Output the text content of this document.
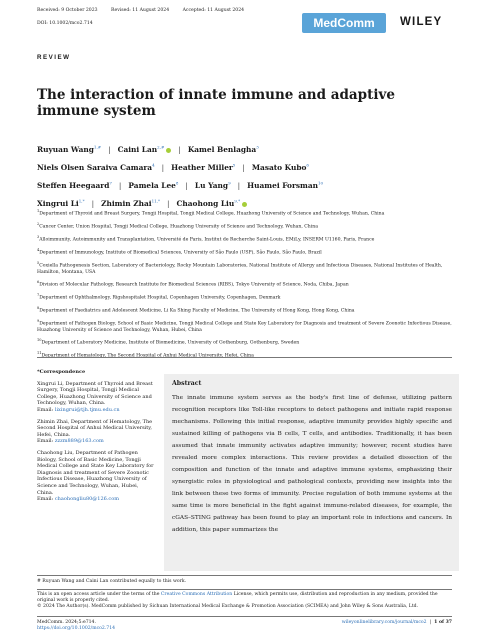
Received: 9 October 2023	Revised: 11 August 2024	Accepted: 11 August 2024
DOI: 10.1002/mco2.714	MedComm	WILEY
REVIEW
The interaction of innate immune and adaptive immune system
Ruyuan Wang$^{1,\#}$ | Caini Lan$^{2,\#}$ | Kamel Benlagha$^3$
Niels Olsen Saraiva Camara$^4$ | Heather Miller$^5$ | Masato Kubo$^6$
Steffen Heegaard$^7$ | Pamela Lee$^8$ | Lu Yang$^9$ | Huamei Forsman$^{10}$
Xingrui $Li^{1,*}$ | Zhimin Zhai$^{11,*}$ | Chaohong Liu$^{9,*}$
$^1$Department of Thyroid and Breast Surgery, Tongji Hospital, Tongji Medical College, Huazhong University of Science and Technology, Wuhan, China
$^2$Cancer Center, Union Hospital, Tongji Medical College, Huazhong University of Science and Technology, Wuhan, China
$^3$Alloimmunity, Autoimmunity and Transplantation, Université de Paris, Institut de Recherche Saint-Louis, EMiLy, INSERM U1160, Paris, France
$^4$Department of Immunology, Institute of Biomedical Sciences, University of São Paulo (USP), São Paulo, São Paulo, Brazil
$^5$Coxiella Pathogenesis Section, Laboratory of Bacteriology, Rocky Mountain Laboratories, National Institute of Allergy and Infectious Diseases, National Institutes of Health, Hamilton, Montana, USA
$^6$Division of Molecular Pathology, Research Institute for Biomedical Sciences (RIBS), Tokyo University of Science, Noda, Chiba, Japan
$^7$Department of Ophthalmology, Rigshospitalet Hospital, Copenhagen University, Copenhagen, Denmark
$^8$Department of Paediatrics and Adolescent Medicine, Li Ka Shing Faculty of Medicine, The University of Hong Kong, Hong Kong, China
$^9$Department of Pathogen Biology, School of Basic Medicine, Tongji Medical College and State Key Laboratory for Diagnosis and treatment of Severe Zoonotic Infectious Disease, Huazhong University of Science and Technology, Wuhan, Hubei, China
$^{10}$Department of Laboratory Medicine, Institute of Biomedicine, University of Gothenburg, Gothenburg, Sweden
$^{11}$Department of Hematology, The Second Hospital of Anhui Medical University, Hefei, China

*Correspondence

Xingrui Li, Department of Thyroid and Breast Surgery, Tongji Hospital, Tongji Medical College, Huazhong University of Science and Technology, Wuhan, China.
Email: lixingrui@tjh.tjmu.edu.cn

Zhimin Zhai, Department of Hematology, The Second Hospital of Anhui Medical University, Hefei, China.
Email: zzzm889@163.com

Chaohong Liu, Department of Pathogen Biology, School of Basic Medicine, Tongji Medical College and State Key Laboratory for Diagnosis and treatment of Severe Zoonotic Infectious Disease, Huazhong University of Science and Technology, Wuhan, Hubei, China.
Email: chaohongliu80@126.com

Abstract
The innate immune system serves as the body's first line of defense, utilizing pattern recognition receptors like Toll-like receptors to detect pathogens and initiate rapid response mechanisms. Following this initial response, adaptive immunity provides highly specific and sustained killing of pathogens via B cells, T cells, and antibodies. Traditionally, it has been assumed that innate immunity activates adaptive immunity; however, recent studies have revealed more complex interactions. This review provides a detailed dissection of the composition and function of the innate and adaptive immune systems, emphasizing their synergistic roles in physiological and pathological contexts, providing new insights into the link between these two forms of immunity. Precise regulation of both immune systems at the same time is more beneficial in the fight against immune-related diseases, for example, the cGAS–STING pathway has been found to play an important role in infections and cancers. In addition, this paper summarizes the
# Ruyuan Wang and Caini Lan contributed equally to this work.
This is an open access article under the terms of the Creative Commons Attribution License, which permits use, distribution and reproduction in any medium, provided the original work is properly cited.
© 2024 The Author(s). MedComm published by Sichuan International Medical Exchange & Promotion Association (SCIMEA) and John Wiley & Sons Australia, Ltd.
MedComm. 2024;5:e714.
https://doi.org/10.1002/mco2.714
wileyonlinelibrary.com/journal/mco2 | 1 of 37
